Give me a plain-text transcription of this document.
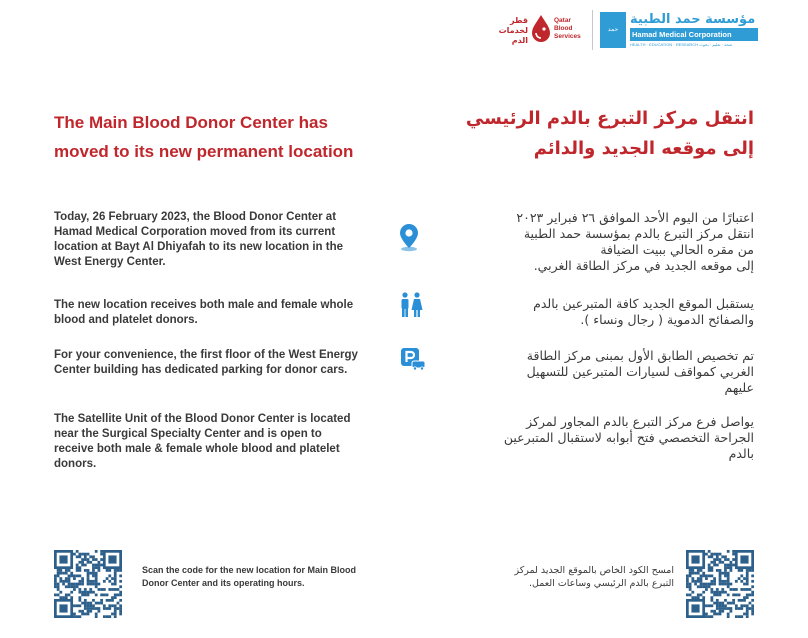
قطر
لخدمات
الدم
Qatar
Blood
Services
حمد
مؤسسة حمد الطبية
Hamad Medical Corporation
HEALTH · EDUCATION · RESEARCH صحة · تعليم · بحوث
The Main Blood Donor Center has
moved to its new permanent location
انتقل مركز التبرع بالدم الرئيسي
إلى موقعه الجديد والدائم
Today, 26 February 2023, the Blood Donor Center at Hamad Medical Corporation moved from its current location at Bayt Al Dhiyafah to its new location in the West Energy Center.
اعتبارًا من اليوم الأحد الموافق ٢٦ فبراير ٢٠٢٣
انتقل مركز التبرع بالدم بمؤسسة حمد الطبية
من مقره الحالي ببيت الضيافة
إلى موقعه الجديد في مركز الطاقة الغربي.
The new location receives both male and female whole blood and platelet donors.
يستقبل الموقع الجديد كافة المتبرعين بالدم
والصفائح الدموية ( رجال ونساء ).
For your convenience, the first floor of the West Energy Center building has dedicated parking for donor cars.
تم تخصيص الطابق الأول بمبنى مركز الطاقة
الغربي كمواقف لسيارات المتبرعين للتسهيل
عليهم
The Satellite Unit of the Blood Donor Center is located near the Surgical Specialty Center and is open to receive both male & female whole blood and platelet donors.
يواصل فرع مركز التبرع بالدم المجاور لمركز
الجراحة التخصصي فتح أبوابه لاستقبال المتبرعين
بالدم
Scan the code for the new location for Main Blood Donor Center and its operating hours.
امسح الكود الخاص بالموقع الجديد لمركز
التبرع بالدم الرئيسي وساعات العمل.
